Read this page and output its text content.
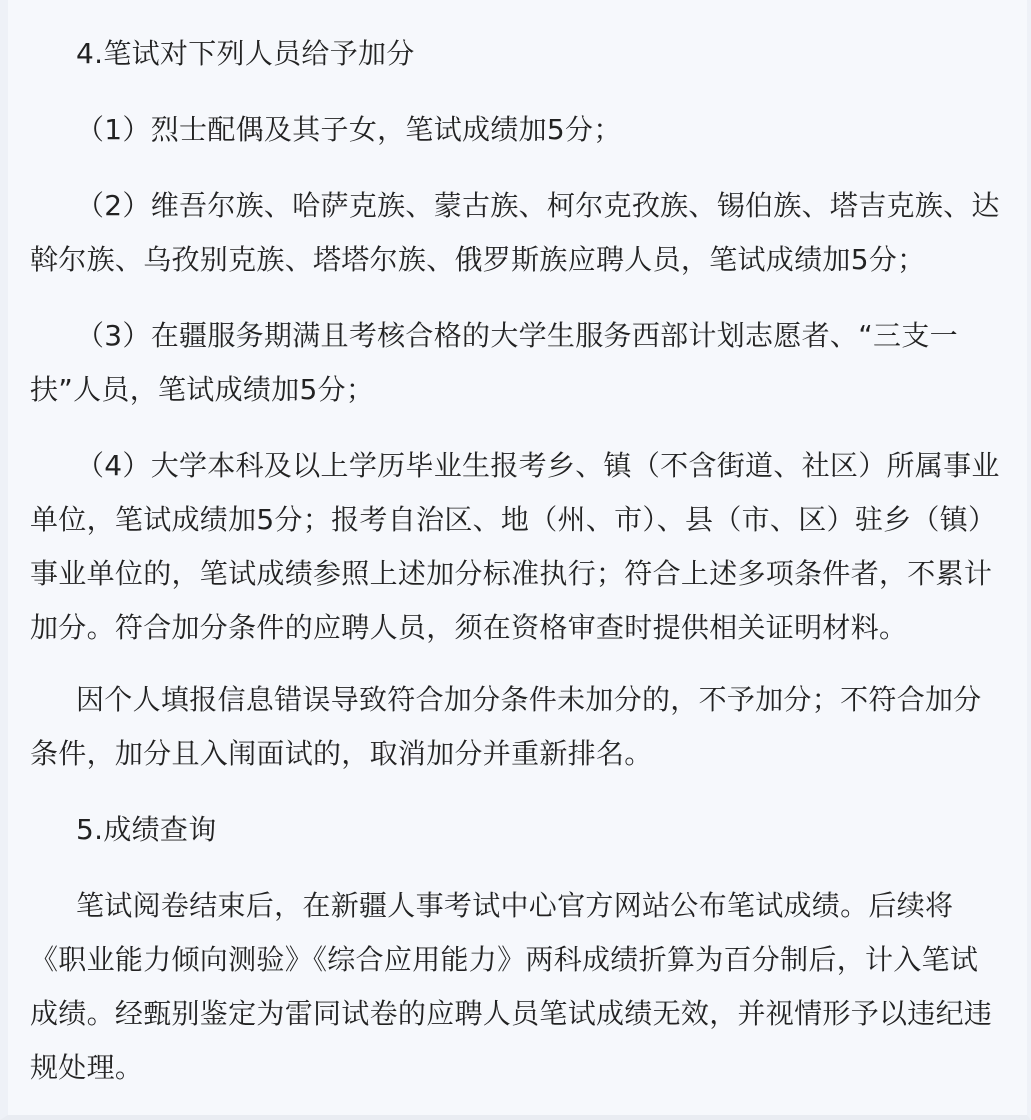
4.笔试对下列人员给予加分

（1）烈士配偶及其子女，笔试成绩加5分；

（2）维吾尔族、哈萨克族、蒙古族、柯尔克孜族、锡伯族、塔吉克族、达斡尔族、乌孜别克族、塔塔尔族、俄罗斯族应聘人员，笔试成绩加5分；

（3）在疆服务期满且考核合格的大学生服务西部计划志愿者、“三支一扶”人员，笔试成绩加5分；

（4）大学本科及以上学历毕业生报考乡、镇（不含街道、社区）所属事业单位，笔试成绩加5分；报考自治区、地（州、市）、县（市、区）驻乡（镇）事业单位的，笔试成绩参照上述加分标准执行；符合上述多项条件者，不累计加分。符合加分条件的应聘人员，须在资格审查时提供相关证明材料。

因个人填报信息错误导致符合加分条件未加分的，不予加分；不符合加分条件，加分且入闱面试的，取消加分并重新排名。

5.成绩查询

笔试阅卷结束后，在新疆人事考试中心官方网站公布笔试成绩。后续将《职业能力倾向测验》《综合应用能力》两科成绩折算为百分制后，计入笔试成绩。经甄别鉴定为雷同试卷的应聘人员笔试成绩无效，并视情形予以违纪违规处理。
